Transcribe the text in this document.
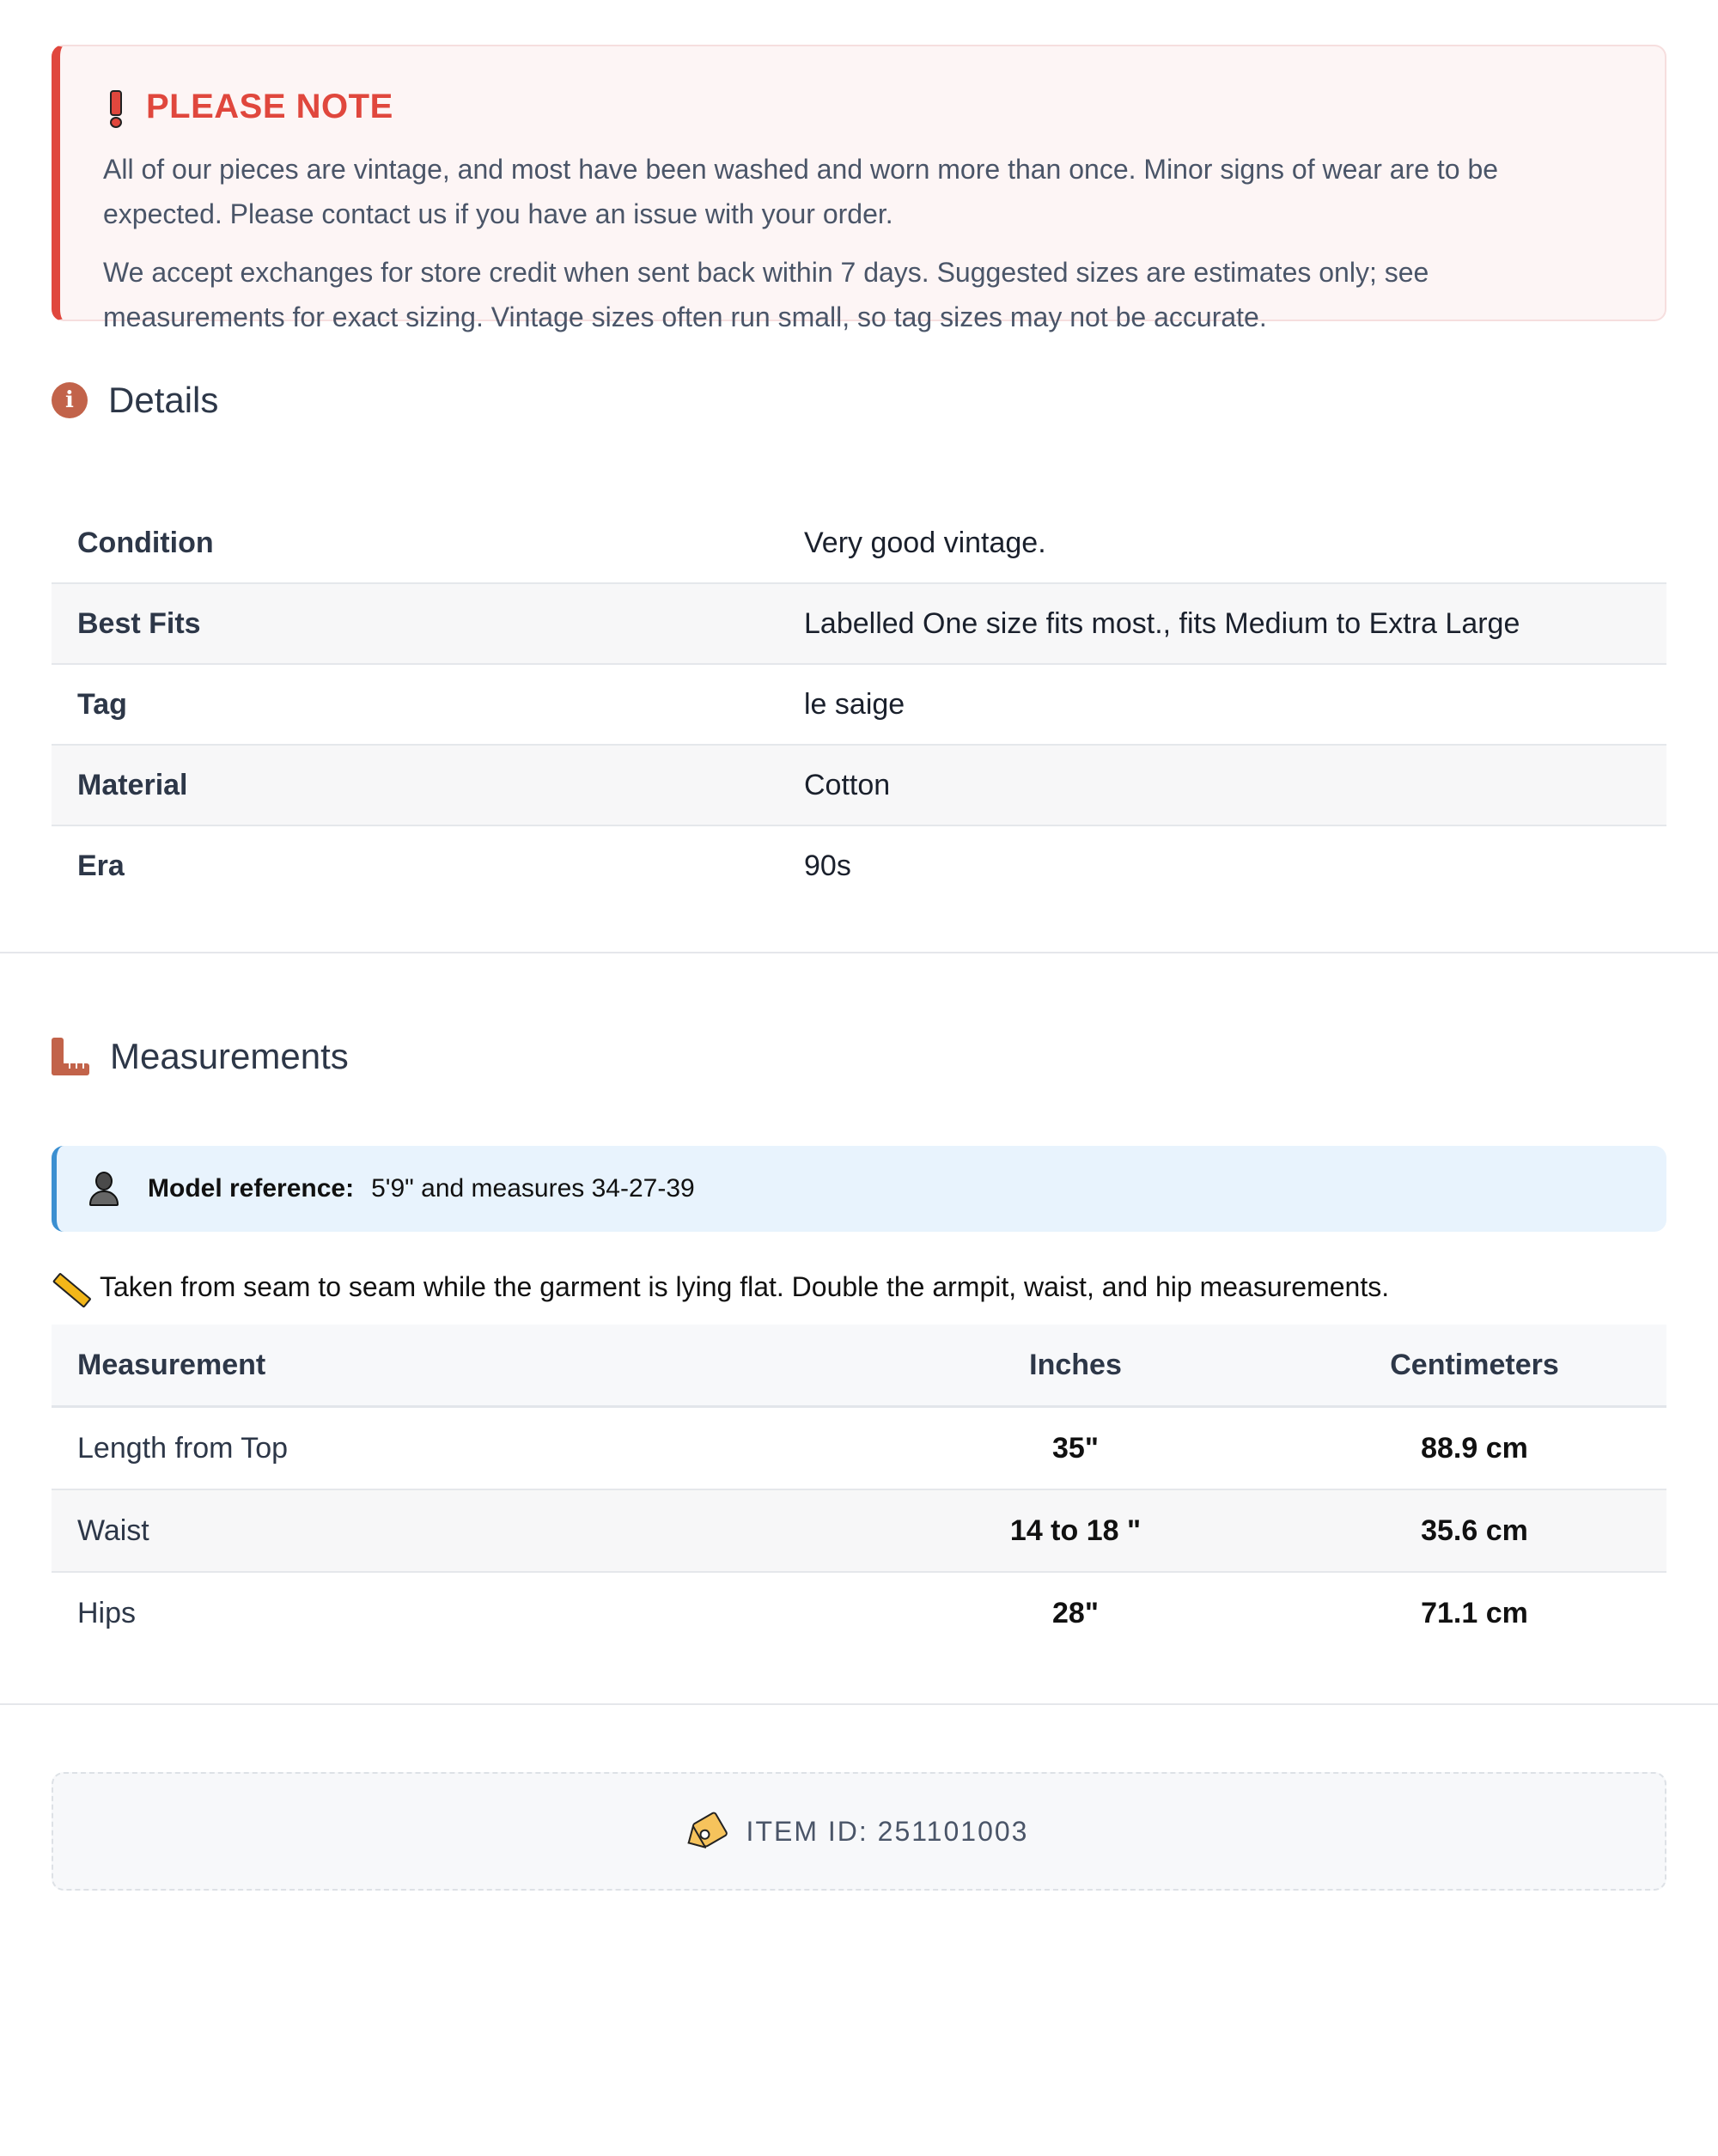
PLEASE NOTE

All of our pieces are vintage, and most have been washed and worn more than once. Minor signs of wear are to be expected. Please contact us if you have an issue with your order.

We accept exchanges for store credit when sent back within 7 days. Suggested sizes are estimates only; see measurements for exact sizing. Vintage sizes often run small, so tag sizes may not be accurate.

i Details
Condition	Very good vintage.
Best Fits	Labelled One size fits most., fits Medium to Extra Large
Tag	le saige
Material	Cotton
Era	90s
Measurements
Model reference: 5'9" and measures 34-27-39
Taken from seam to seam while the garment is lying flat. Double the armpit, waist, and hip measurements.
Measurement	Inches	Centimeters
Length from Top	35"	88.9 cm
Waist	14 to 18 "	35.6 cm
Hips	28"	71.1 cm
ITEM ID: 251101003
